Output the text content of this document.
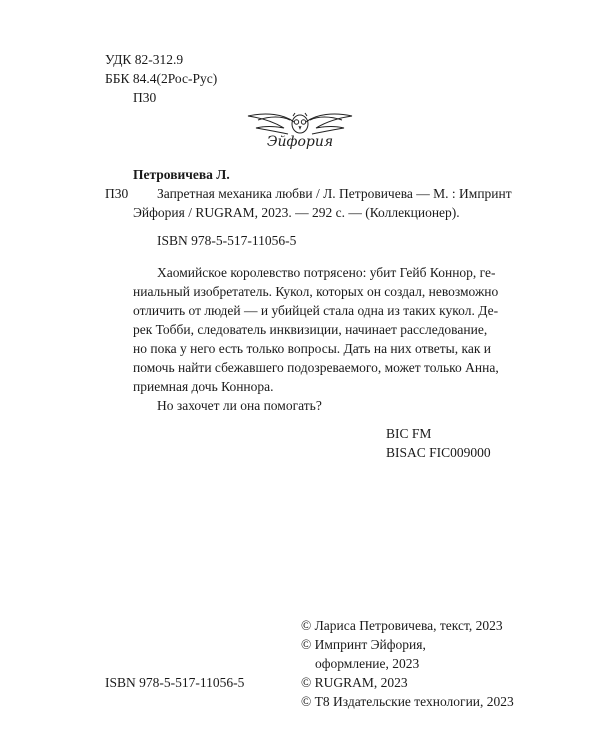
УДК 82-312.9
ББК 84.4(2Рос-Рус)
П30
Эйфория
Петровичева Л.
П30 Запретная механика любви / Л. Петровичева — М. : Импринт
Эйфория / RUGRAM, 2023. — 292 с. — (Коллекционер).
ISBN 978-5-517-11056-5
Хаомийское королевство потрясено: убит Гейб Коннор, ге-
ниальный изобретатель. Кукол, которых он создал, невозможно
отличить от людей — и убийцей стала одна из таких кукол. Де-
рек Тобби, следователь инквизиции, начинает расследование,
но пока у него есть только вопросы. Дать на них ответы, как и
помочь найти сбежавшего подозреваемого, может только Анна,
приемная дочь Коннора.
Но захочет ли она помогать?
BIC FM
BISAC FIC009000
© Лариса Петровичева, текст, 2023
© Импринт Эйфория,
оформление, 2023
© RUGRAM, 2023
© Т8 Издательские технологии, 2023
ISBN 978-5-517-11056-5
